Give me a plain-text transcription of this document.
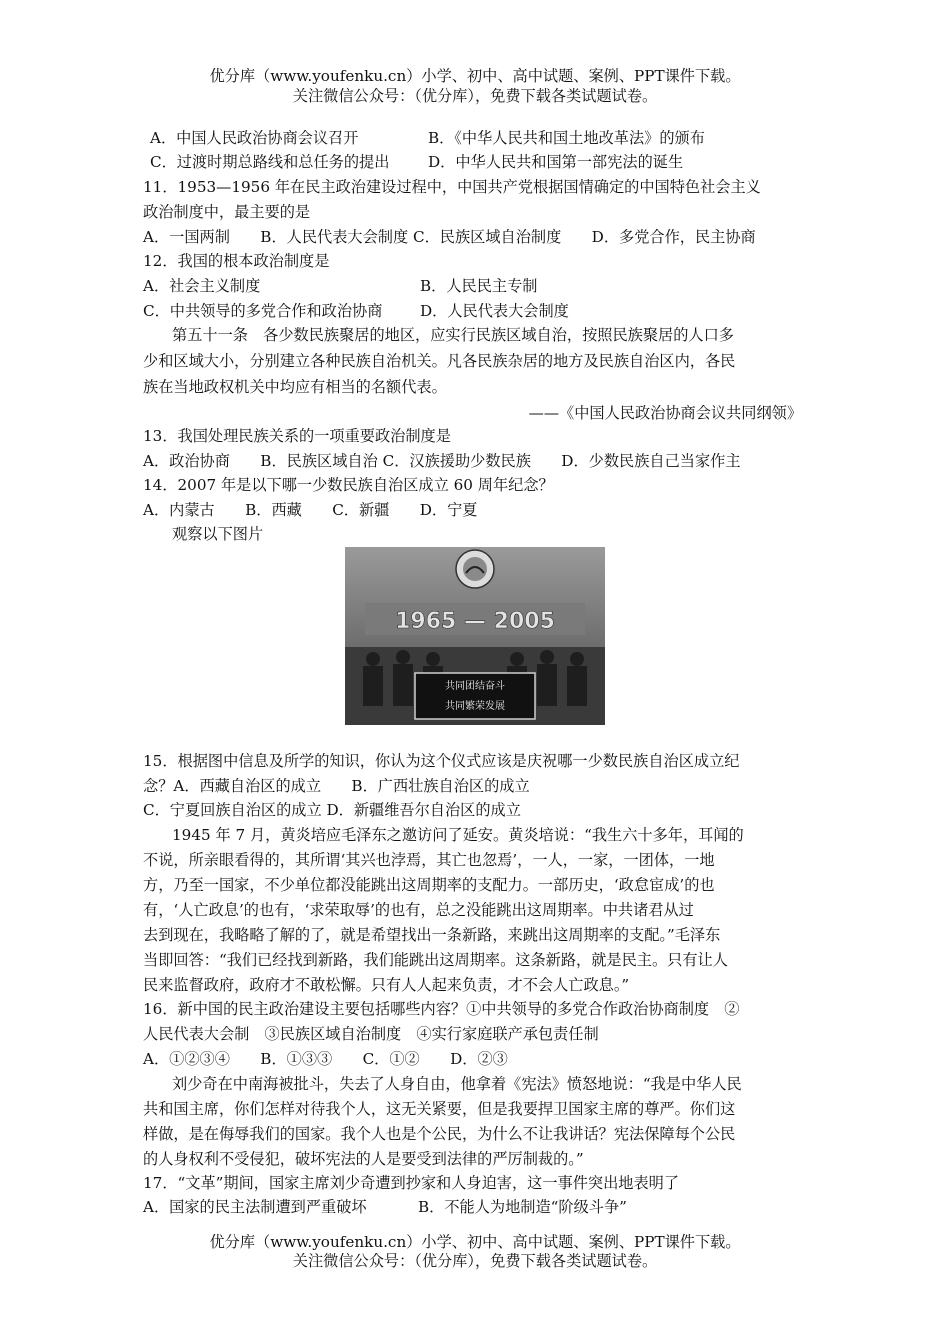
优分库（www.youfenku.cn）小学、初中、高中试题、案例、PPT课件下载。
关注微信公众号：（优分库），免费下载各类试题试卷。
A．中国人民政治协商会议召开	B．《中华人民共和国土地改革法》的颁布
C．过渡时期总路线和总任务的提出	D．中华人民共和国第一部宪法的诞生
11．1953—1956 年在民主政治建设过程中，中国共产党根据国情确定的中国特色社会主义
政治制度中，最主要的是
A．一国两制　　B．人民代表大会制度 C．民族区域自治制度　　D．多党合作，民主协商
12．我国的根本政治制度是
A．社会主义制度	B．人民民主专制
C．中共领导的多党合作和政治协商 D．人民代表大会制度
第五十一条　各少数民族聚居的地区，应实行民族区域自治，按照民族聚居的人口多
少和区域大小，分别建立各种民族自治机关。凡各民族杂居的地方及民族自治区内，各民
族在当地政权机关中均应有相当的名额代表。
——《中国人民政治协商会议共同纲领》
13．我国处理民族关系的一项重要政治制度是
A．政治协商　　B．民族区域自治 C．汉族援助少数民族　　D．少数民族自己当家作主
14．2007 年是以下哪一少数民族自治区成立 60 周年纪念？
A．内蒙古　　B．西藏　　C．新疆　　D．宁夏
观察以下图片
1965 — 2005
共同团结奋斗
共同繁荣发展
15．根据图中信息及所学的知识，你认为这个仪式应该是庆祝哪一少数民族自治区成立纪
念？A．西藏自治区的成立　　B．广西壮族自治区的成立
C．宁夏回族自治区的成立 D．新疆维吾尔自治区的成立
1945 年 7 月，黄炎培应毛泽东之邀访问了延安。黄炎培说：“我生六十多年，耳闻的
不说，所亲眼看得的，其所谓‘其兴也浡焉，其亡也忽焉’，一人，一家，一团体，一地
方，乃至一国家，不少单位都没能跳出这周期率的支配力。一部历史，‘政怠宦成’的也
有，‘人亡政息’的也有，‘求荣取辱’的也有，总之没能跳出这周期率。中共诸君从过
去到现在，我略略了解的了，就是希望找出一条新路，来跳出这周期率的支配。”毛泽东
当即回答：“我们已经找到新路，我们能跳出这周期率。这条新路，就是民主。只有让人
民来监督政府，政府才不敢松懈。只有人人起来负责，才不会人亡政息。”
16．新中国的民主政治建设主要包括哪些内容？①中共领导的多党合作政治协商制度　②
人民代表大会制　③民族区域自治制度　④实行家庭联产承包责任制
A．①②③④　　B．①③③　　C．①②　　D．②③
刘少奇在中南海被批斗，失去了人身自由，他拿着《宪法》愤怒地说：“我是中华人民
共和国主席，你们怎样对待我个人，这无关紧要，但是我要捍卫国家主席的尊严。你们这
样做，是在侮辱我们的国家。我个人也是个公民，为什么不让我讲话？宪法保障每个公民
的人身权利不受侵犯，破坏宪法的人是要受到法律的严厉制裁的。”
17．“文革”期间，国家主席刘少奇遭到抄家和人身迫害，这一事件突出地表明了
A．国家的民主法制遭到严重破坏	B．不能人为地制造“阶级斗争”
优分库（www.youfenku.cn）小学、初中、高中试题、案例、PPT课件下载。
关注微信公众号：（优分库），免费下载各类试题试卷。
